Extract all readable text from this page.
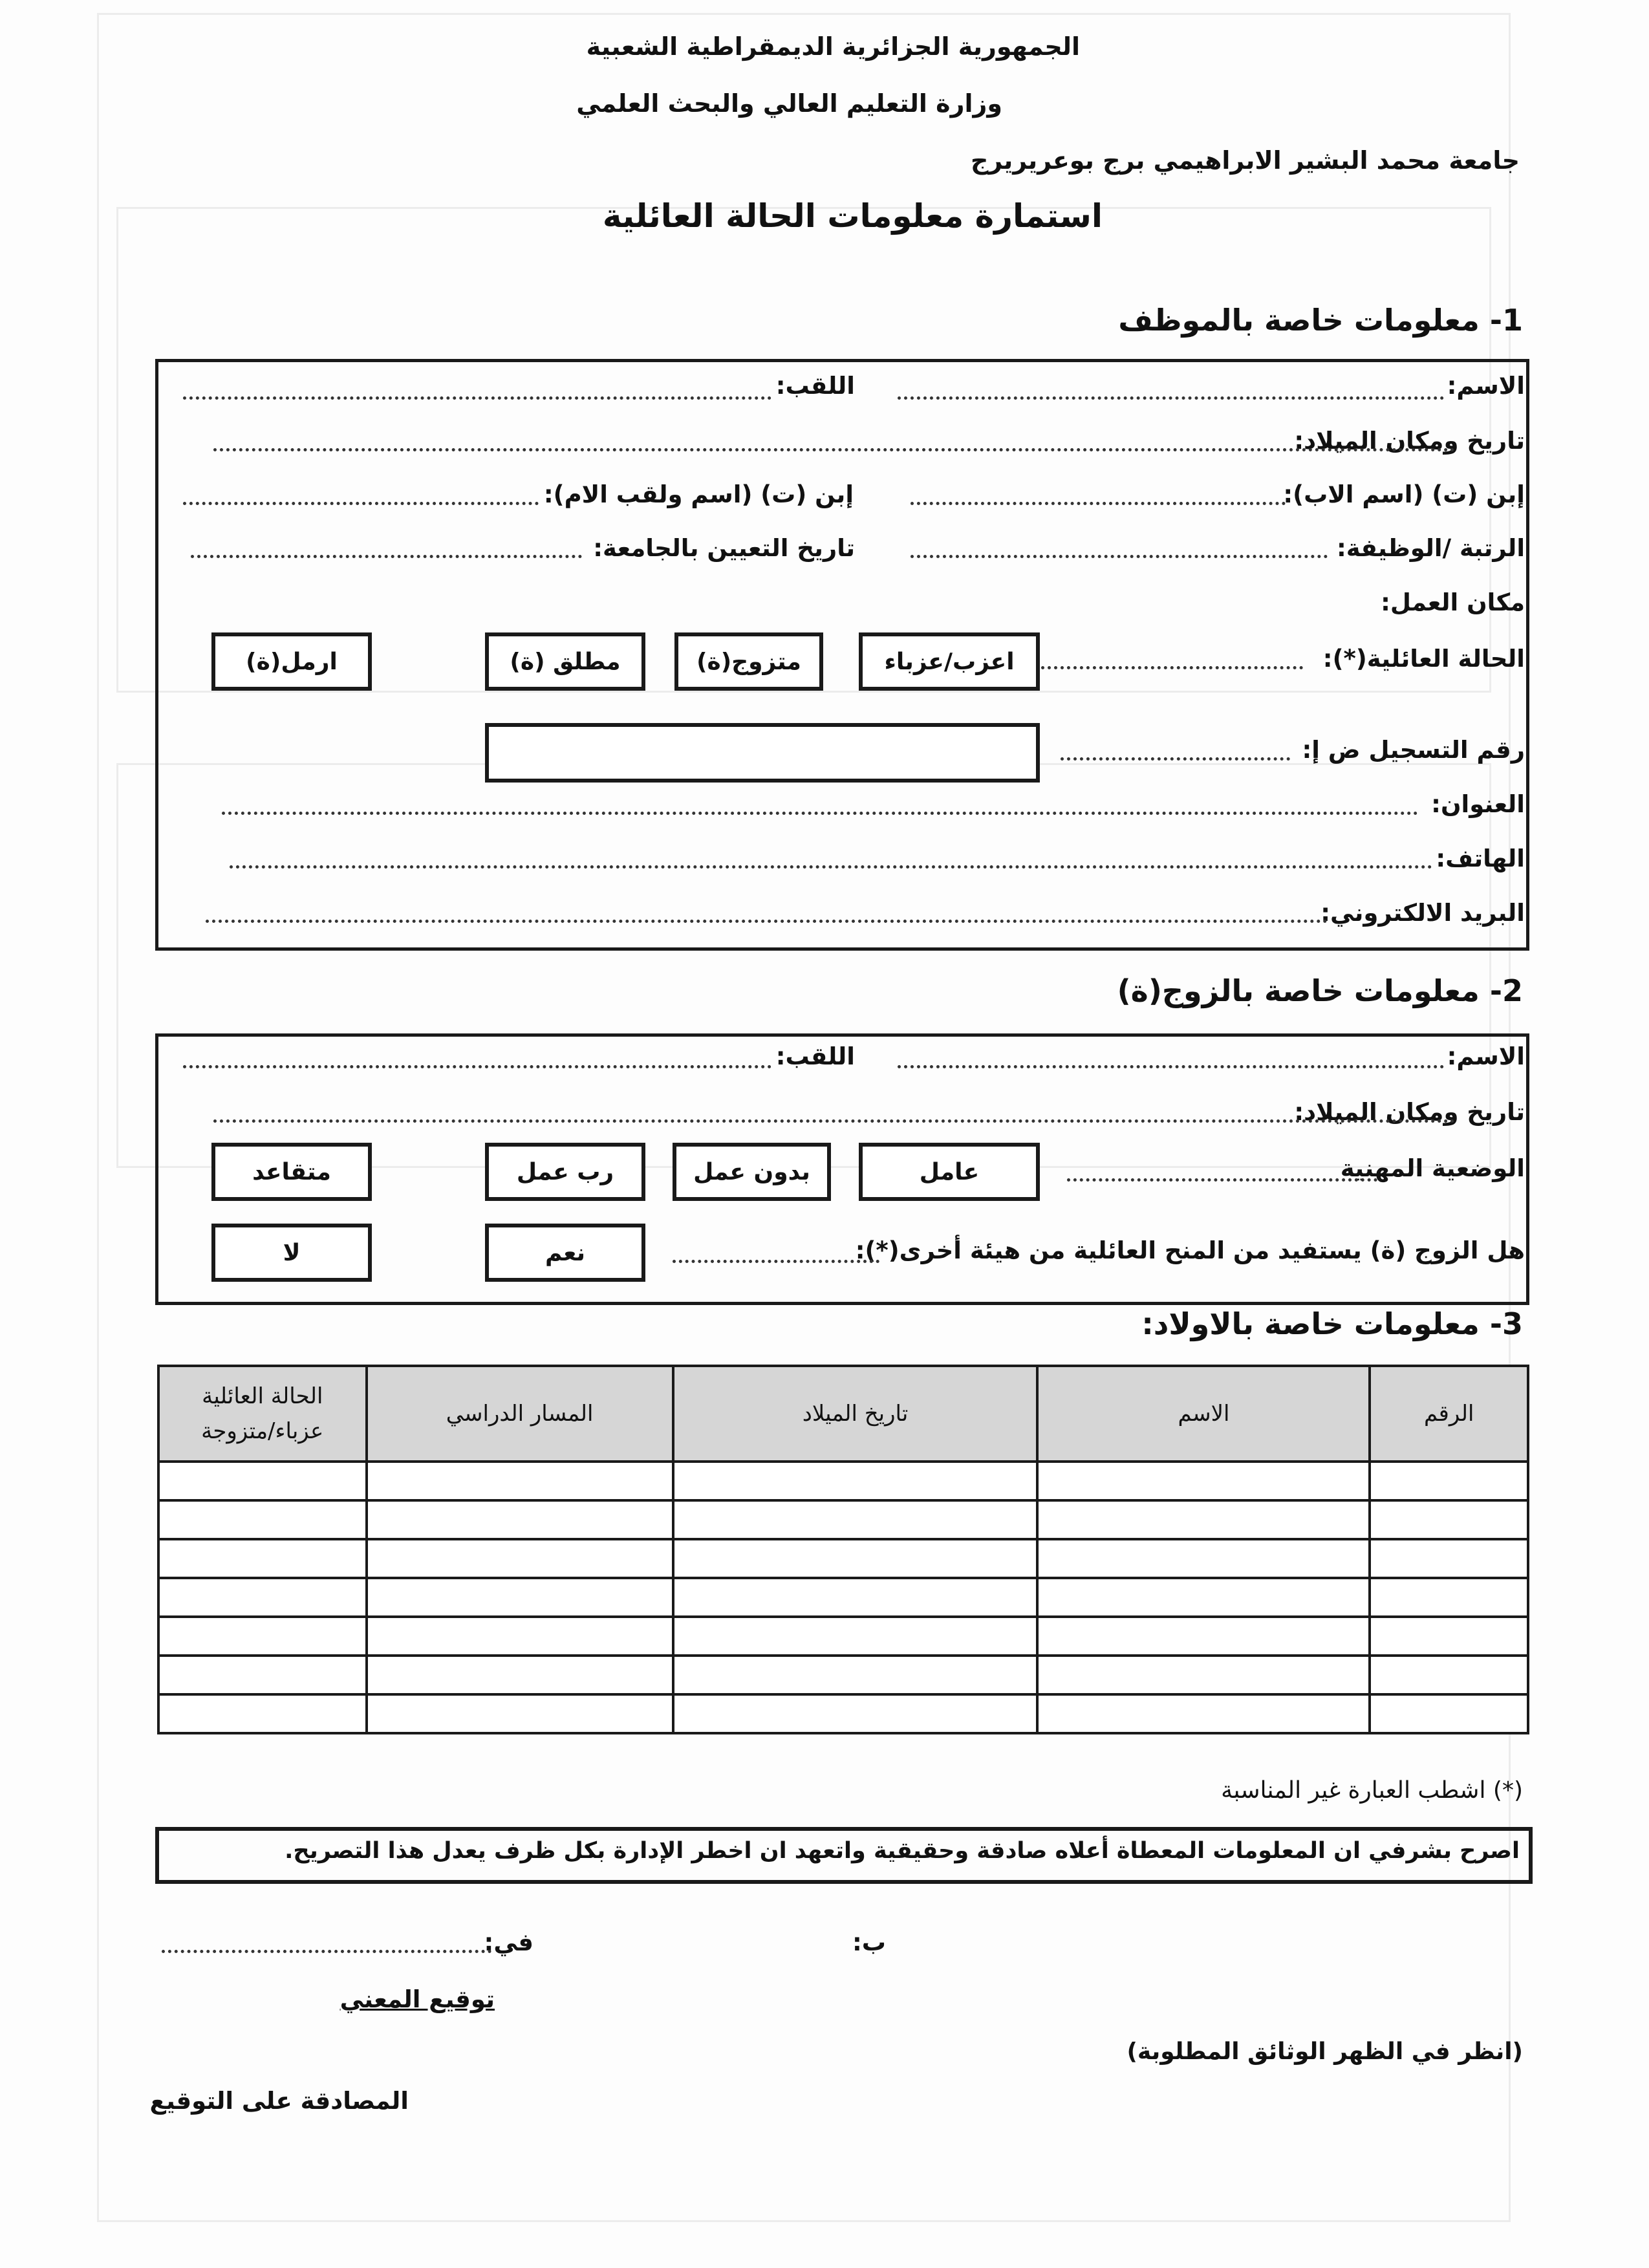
الجمهورية الجزائرية الديمقراطية الشعبية
وزارة التعليم العالي والبحث العلمي
جامعة محمد البشير الابراهيمي برج بوعريريرج
استمارة معلومات الحالة العائلية
1- معلومات خاصة بالموظف
الاسم:
اللقب:
تاريخ ومكان الميلاد:
إبن (ت) (اسم الاب):
إبن (ت) (اسم ولقب الام):
الرتبة /الوظيفة:
تاريخ التعيين بالجامعة:
مكان العمل:
الحالة العائلية(*):
اعزب/عزباء
متزوج(ة)
مطلق (ة)
ارمل(ة)
رقم التسجيل ض إ:
العنوان:
الهاتف:
البريد الالكتروني:
2- معلومات خاصة بالزوج(ة)
الاسم:
اللقب:
تاريخ ومكان الميلاد:
الوضعية المهنية
عامل
بدون عمل
رب عمل
متقاعد
هل الزوج (ة) يستفيد من المنح العائلية من هيئة أخرى(*):
نعم
لا
3- معلومات خاصة بالاولاد:
الرقم	الاسم	تاريخ الميلاد	المسار الدراسي	الحالة العائلية
عزباء/متزوجة

(*) اشطب العبارة غير المناسبة
اصرح بشرفي ان المعلومات المعطاة أعلاه صادقة وحقيقية واتعهد ان اخطر الإدارة بكل ظرف يعدل هذا التصريح.
ب:
في:
توقيع المعني
(انظر في الظهر الوثائق المطلوبة)
المصادقة على التوقيع
